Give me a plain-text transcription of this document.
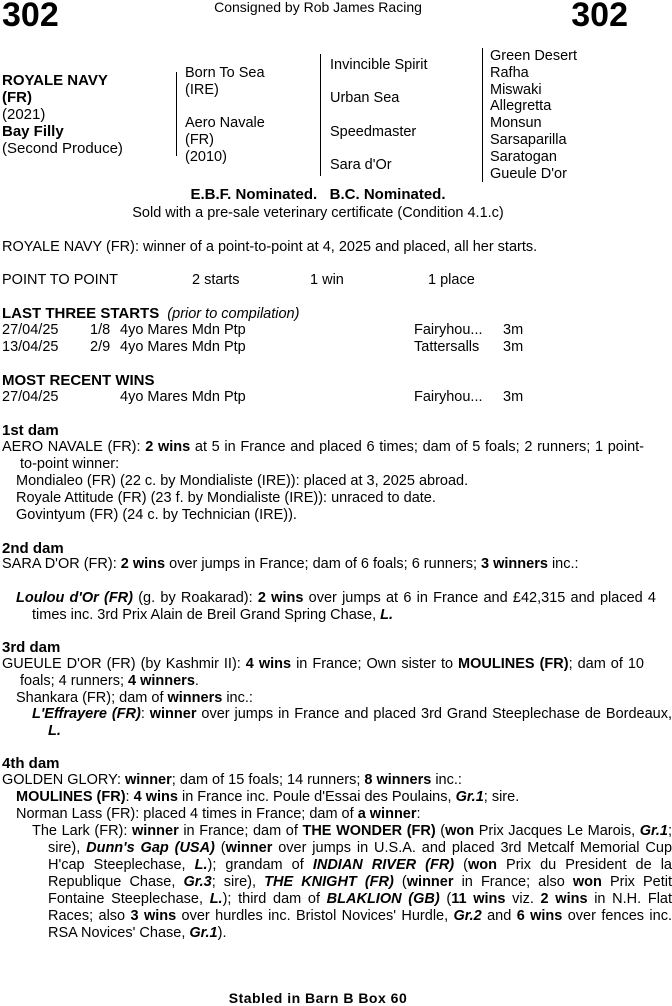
302	Consigned by Rob James Racing	302
ROYALE NAVY
(FR)
(2021)
Bay Filly
(Second Produce)
Born To Sea
(IRE)
Aero Navale
(FR)
(2010)
Invincible Spirit
Urban Sea
Speedmaster
Sara d'Or
Green Desert
Rafha
Miswaki
Allegretta
Monsun
Sarsaparilla
Saratogan
Gueule D'or
E.B.F. Nominated.   B.C. Nominated.
Sold with a pre-sale veterinary certificate (Condition 4.1.c)
ROYALE NAVY (FR): winner of a point-to-point at 4, 2025 and placed, all her starts.
POINT TO POINT	2 starts	1 win	1 place
LAST THREE STARTS (prior to compilation)
27/04/25 1/8 4yo Mares Mdn Ptp	Fairyhou... 3m
13/04/25 2/9 4yo Mares Mdn Ptp	Tattersalls 3m
MOST RECENT WINS
27/04/25	4yo Mares Mdn Ptp	Fairyhou... 3m
1st dam
AERO NAVALE (FR): 2 wins at 5 in France and placed 6 times; dam of 5 foals; 2 runners; 1 point-to-point winner:
Mondialeo (FR) (22 c. by Mondialiste (IRE)): placed at 3, 2025 abroad.
Royale Attitude (FR) (23 f. by Mondialiste (IRE)): unraced to date.
Govintyum (FR) (24 c. by Technician (IRE)).
2nd dam
SARA D'OR (FR): 2 wins over jumps in France; dam of 6 foals; 6 runners; 3 winners inc.:
Loulou d'Or (FR) (g. by Roakarad): 2 wins over jumps at 6 in France and £42,315 and placed 4 times inc. 3rd Prix Alain de Breil Grand Spring Chase, L.
3rd dam
GUEULE D'OR (FR) (by Kashmir II): 4 wins in France; Own sister to MOULINES (FR); dam of 10 foals; 4 runners; 4 winners.
Shankara (FR); dam of winners inc.:
L'Effrayere (FR): winner over jumps in France and placed 3rd Grand Steeplechase de Bordeaux, L.
4th dam
GOLDEN GLORY: winner; dam of 15 foals; 14 runners; 8 winners inc.:
MOULINES (FR): 4 wins in France inc. Poule d'Essai des Poulains, Gr.1; sire.
Norman Lass (FR): placed 4 times in France; dam of a winner:
The Lark (FR): winner in France; dam of THE WONDER (FR) (won Prix Jacques Le Marois, Gr.1; sire), Dunn's Gap (USA) (winner over jumps in U.S.A. and placed 3rd Metcalf Memorial Cup H'cap Steeplechase, L.); grandam of INDIAN RIVER (FR) (won Prix du President de la Republique Chase, Gr.3; sire), THE KNIGHT (FR) (winner in France; also won Prix Petit Fontaine Steeplechase, L.); third dam of BLAKLION (GB) (11 wins viz. 2 wins in N.H. Flat Races; also 3 wins over hurdles inc. Bristol Novices' Hurdle, Gr.2 and 6 wins over fences inc. RSA Novices' Chase, Gr.1).
Stabled in Barn B Box 60
